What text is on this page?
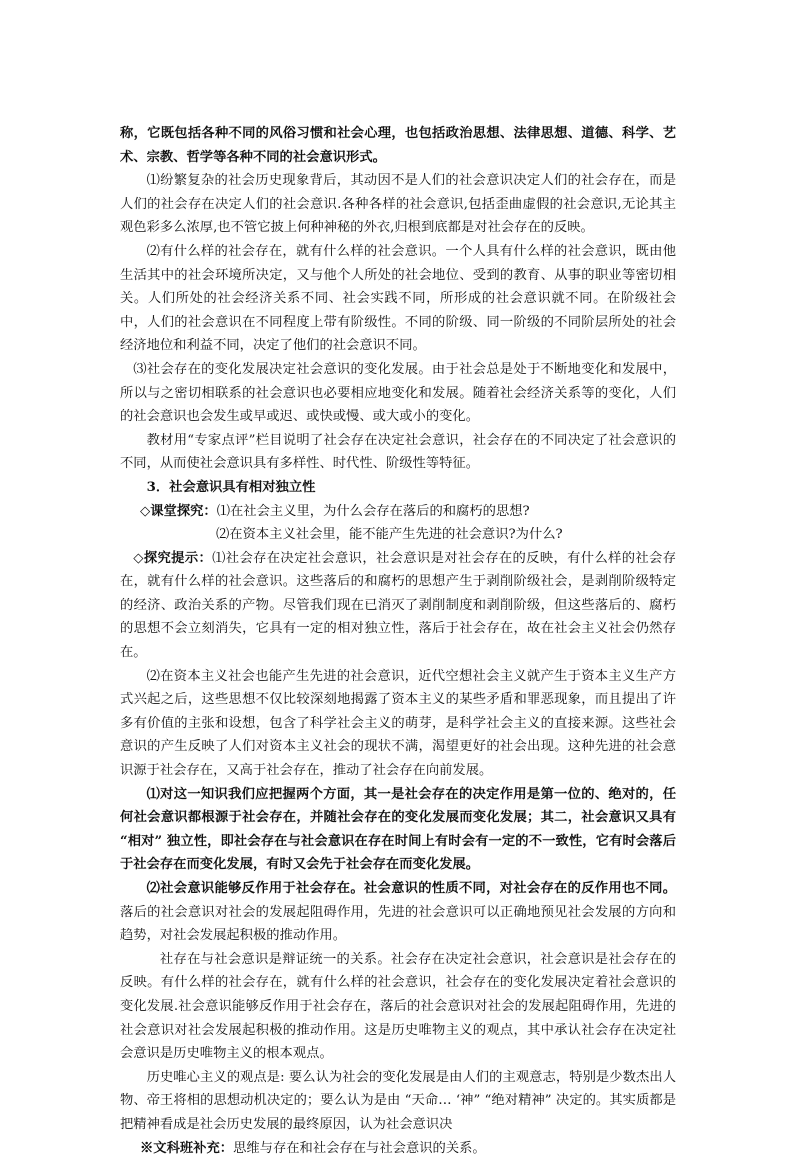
称，它既包括各种不同的风俗习惯和社会心理，也包括政治思想、法律思想、道德、科学、艺术、宗教、哲学等各种不同的社会意识形式。

⑴纷繁复杂的社会历史现象背后，其动因不是人们的社会意识决定人们的社会存在，而是人们的社会存在决定人们的社会意识.各种各样的社会意识,包括歪曲虚假的社会意识,无论其主观色彩多么浓厚,也不管它披上何种神秘的外衣,归根到底都是对社会存在的反映。

⑵有什么样的社会存在，就有什么样的社会意识。一个人具有什么样的社会意识，既由他生活其中的社会环境所决定，又与他个人所处的社会地位、受到的教育、从事的职业等密切相关。人们所处的社会经济关系不同、社会实践不同，所形成的社会意识就不同。在阶级社会中，人们的社会意识在不同程度上带有阶级性。不同的阶级、同一阶级的不同阶层所处的社会经济地位和利益不同，决定了他们的社会意识不同。

⑶社会存在的变化发展决定社会意识的变化发展。由于社会总是处于不断地变化和发展中，所以与之密切相联系的社会意识也必要相应地变化和发展。随着社会经济关系等的变化，人们的社会意识也会发生或早或迟、或快或慢、或大或小的变化。

教材用“专家点评”栏目说明了社会存在决定社会意识，社会存在的不同决定了社会意识的不同，从而使社会意识具有多样性、时代性、阶级性等特征。

3．社会意识具有相对独立性

◇课堂探究：⑴在社会主义里，为什么会存在落后的和腐朽的思想?

⑵在资本主义社会里，能不能产生先进的社会意识?为什么?

◇探究提示：⑴社会存在决定社会意识，社会意识是对社会存在的反映，有什么样的社会存在，就有什么样的社会意识。这些落后的和腐朽的思想产生于剥削阶级社会，是剥削阶级特定的经济、政治关系的产物。尽管我们现在已消灭了剥削制度和剥削阶级，但这些落后的、腐朽的思想不会立刻消失，它具有一定的相对独立性，落后于社会存在，故在社会主义社会仍然存在。

⑵在资本主义社会也能产生先进的社会意识，近代空想社会主义就产生于资本主义生产方式兴起之后，这些思想不仅比较深刻地揭露了资本主义的某些矛盾和罪恶现象，而且提出了许多有价值的主张和设想，包含了科学社会主义的萌芽，是科学社会主义的直接来源。这些社会意识的产生反映了人们对资本主义社会的现状不满，渴望更好的社会出现。这种先进的社会意识源于社会存在，又高于社会存在，推动了社会存在向前发展。

⑴对这一知识我们应把握两个方面，其一是社会存在的决定作用是第一位的、绝对的，任何社会意识都根源于社会存在，并随社会存在的变化发展而变化发展；其二，社会意识又具有 “相对” 独立性，即社会存在与社会意识在存在时间上有时会有一定的不一致性，它有时会落后于社会存在而变化发展，有时又会先于社会存在而变化发展。

⑵社会意识能够反作用于社会存在。社会意识的性质不同，对社会存在的反作用也不同。落后的社会意识对社会的发展起阻碍作用，先进的社会意识可以正确地预见社会发展的方向和趋势，对社会发展起积极的推动作用。

社存在与社会意识是辩证统一的关系。社会存在决定社会意识，社会意识是社会存在的反映。有什么样的社会存在，就有什么样的社会意识，社会存在的变化发展决定着社会意识的变化发展.社会意识能够反作用于社会存在，落后的社会意识对社会的发展起阻碍作用，先进的社会意识对社会发展起积极的推动作用。这是历史唯物主义的观点，其中承认社会存在决定社会意识是历史唯物主义的根本观点。

历史唯心主义的观点是: 要么认为社会的变化发展是由人们的主观意志，特别是少数杰出人物、帝王将相的思想动机决定的；要么认为是由 “天命… ‘神” “绝对精神” 决定的。其实质都是把精神看成是社会历史发展的最终原因，认为社会意识决

※文科班补充：思维与存在和社会存在与社会意识的关系。
